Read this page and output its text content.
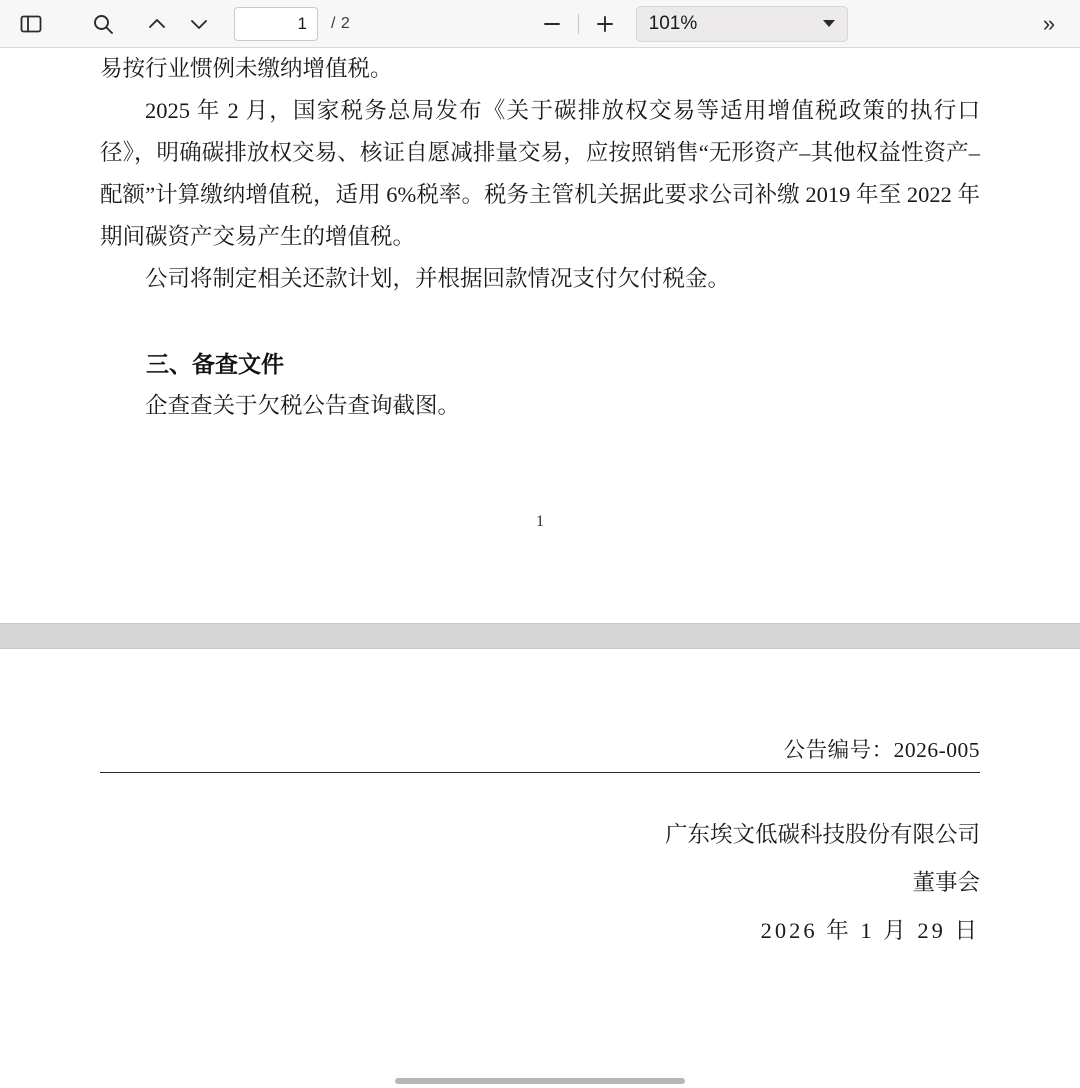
1 / 2	101%	»

易按行业惯例未缴纳增值税。

2025 年 2 月，国家税务总局发布《关于碳排放权交易等适用增值税政策的执行口径》，明确碳排放权交易、核证自愿减排量交易，应按照销售“无形资产–其他权益性资产–配额”计算缴纳增值税，适用 6%税率。税务主管机关据此要求公司补缴 2019 年至 2022 年期间碳资产交易产生的增值税。

公司将制定相关还款计划，并根据回款情况支付欠付税金。

三、备查文件

企查查关于欠税公告查询截图。

1
公告编号：2026-005
广东埃文低碳科技股份有限公司
董事会
2026 年 1 月 29 日
